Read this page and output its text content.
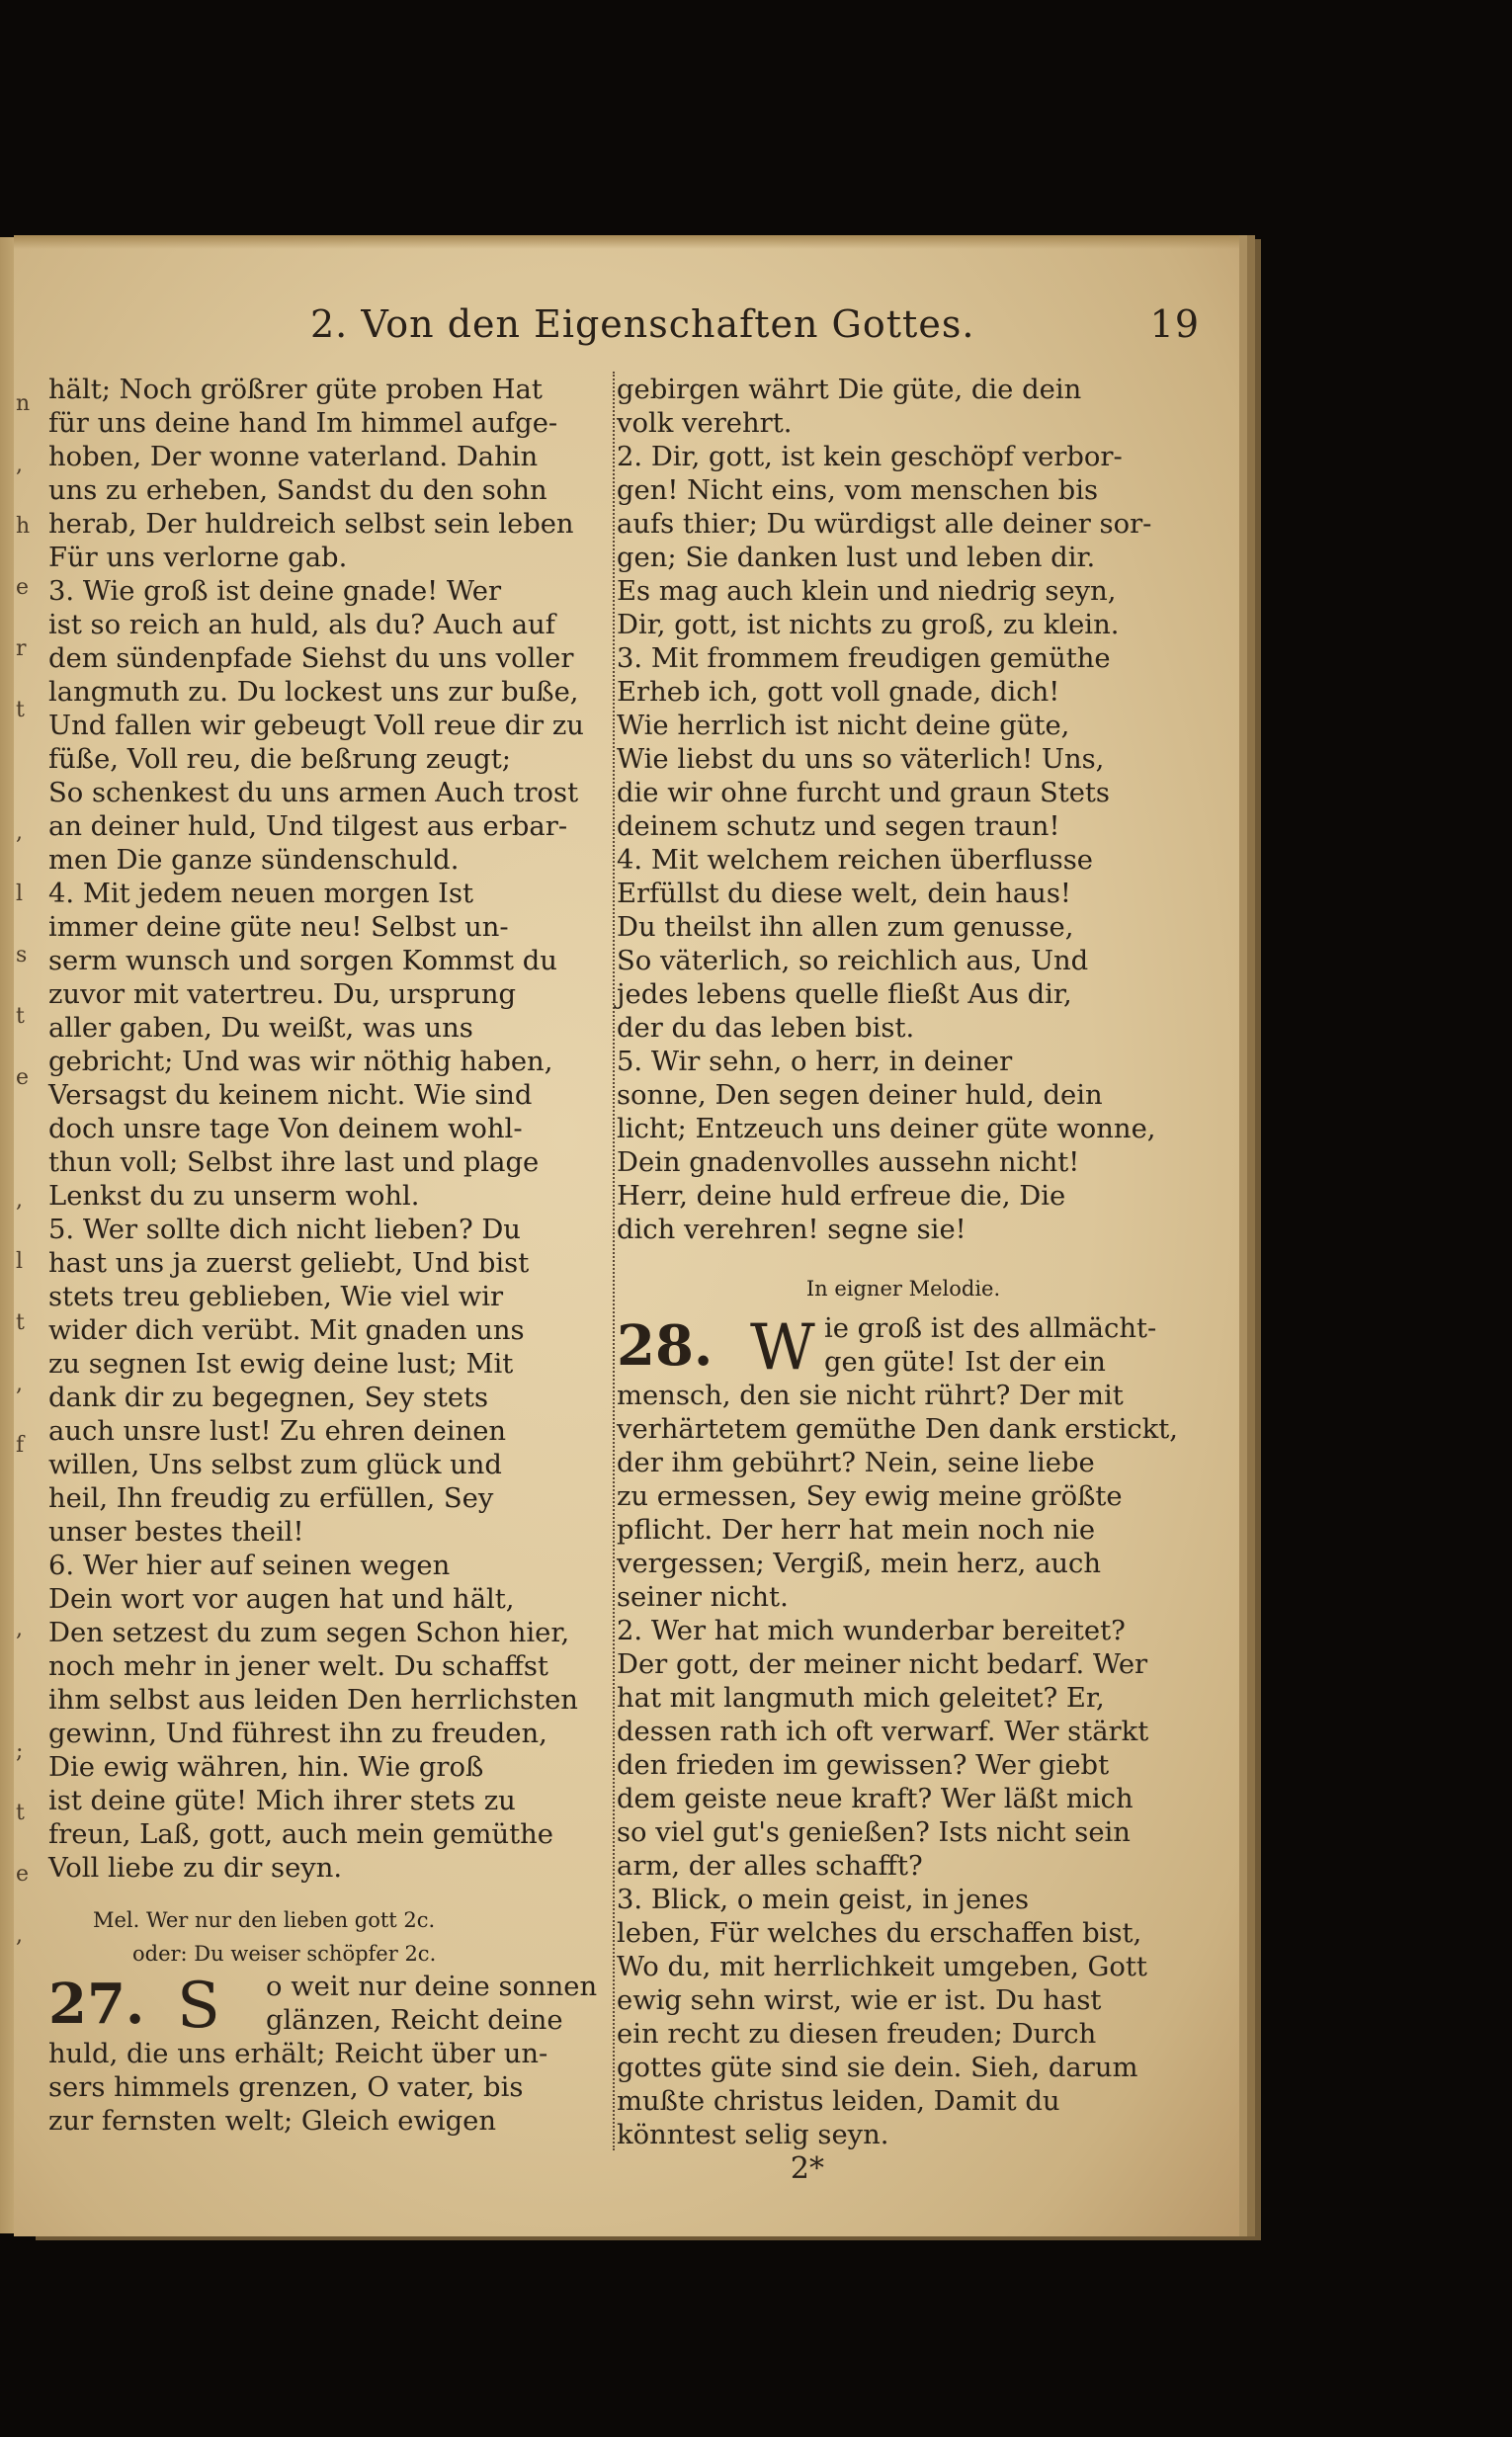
n
,
h
e
r
t
,
l
s
t
e
,
l
t
,
f
,
;
t
e
,
2. Von den Eigenschaften Gottes.	19
hält; Noch größrer güte proben Hat
für uns deine hand Im himmel aufge-
hoben, Der wonne vaterland. Dahin
uns zu erheben, Sandst du den sohn
herab, Der huldreich selbst sein leben
Für uns verlorne gab.
3. Wie groß ist deine gnade! Wer
ist so reich an huld, als du? Auch auf
dem sündenpfade Siehst du uns voller
langmuth zu. Du lockest uns zur buße,
Und fallen wir gebeugt Voll reue dir zu
füße, Voll reu, die beßrung zeugt;
So schenkest du uns armen Auch trost
an deiner huld, Und tilgest aus erbar-
men Die ganze sündenschuld.
4. Mit jedem neuen morgen Ist
immer deine güte neu! Selbst un-
serm wunsch und sorgen Kommst du
zuvor mit vatertreu. Du, ursprung
aller gaben, Du weißt, was uns
gebricht; Und was wir nöthig haben,
Versagst du keinem nicht. Wie sind
doch unsre tage Von deinem wohl-
thun voll; Selbst ihre last und plage
Lenkst du zu unserm wohl.
5. Wer sollte dich nicht lieben? Du
hast uns ja zuerst geliebt, Und bist
stets treu geblieben, Wie viel wir
wider dich verübt. Mit gnaden uns
zu segnen Ist ewig deine lust; Mit
dank dir zu begegnen, Sey stets
auch unsre lust! Zu ehren deinen
willen, Uns selbst zum glück und
heil, Ihn freudig zu erfüllen, Sey
unser bestes theil!
6. Wer hier auf seinen wegen
Dein wort vor augen hat und hält,
Den setzest du zum segen Schon hier,
noch mehr in jener welt. Du schaffst
ihm selbst aus leiden Den herrlichsten
gewinn, Und führest ihn zu freuden,
Die ewig währen, hin. Wie groß
ist deine güte! Mich ihrer stets zu
freun, Laß, gott, auch mein gemüthe
Voll liebe zu dir seyn.
Mel. Wer nur den lieben gott 2c.
oder: Du weiser schöpfer 2c.
27. S o weit nur deine sonnen
glänzen, Reicht deine
huld, die uns erhält; Reicht über un-
sers himmels grenzen, O vater, bis
zur fernsten welt; Gleich ewigen
gebirgen währt Die güte, die dein
volk verehrt.
2. Dir, gott, ist kein geschöpf verbor-
gen! Nicht eins, vom menschen bis
aufs thier; Du würdigst alle deiner sor-
gen; Sie danken lust und leben dir.
Es mag auch klein und niedrig seyn,
Dir, gott, ist nichts zu groß, zu klein.
3. Mit frommem freudigen gemüthe
Erheb ich, gott voll gnade, dich!
Wie herrlich ist nicht deine güte,
Wie liebst du uns so väterlich! Uns,
die wir ohne furcht und graun Stets
deinem schutz und segen traun!
4. Mit welchem reichen überflusse
Erfüllst du diese welt, dein haus!
Du theilst ihn allen zum genusse,
So väterlich, so reichlich aus, Und
jedes lebens quelle fließt Aus dir,
der du das leben bist.
5. Wir sehn, o herr, in deiner
sonne, Den segen deiner huld, dein
licht; Entzeuch uns deiner güte wonne,
Dein gnadenvolles aussehn nicht!
Herr, deine huld erfreue die, Die
dich verehren! segne sie!
In eigner Melodie.
28. W ie groß ist des allmächt-
gen güte! Ist der ein
mensch, den sie nicht rührt? Der mit
verhärtetem gemüthe Den dank erstickt,
der ihm gebührt? Nein, seine liebe
zu ermessen, Sey ewig meine größte
pflicht. Der herr hat mein noch nie
vergessen; Vergiß, mein herz, auch
seiner nicht.
2. Wer hat mich wunderbar bereitet?
Der gott, der meiner nicht bedarf. Wer
hat mit langmuth mich geleitet? Er,
dessen rath ich oft verwarf. Wer stärkt
den frieden im gewissen? Wer giebt
dem geiste neue kraft? Wer läßt mich
so viel gut's genießen? Ists nicht sein
arm, der alles schafft?
3. Blick, o mein geist, in jenes
leben, Für welches du erschaffen bist,
Wo du, mit herrlichkeit umgeben, Gott
ewig sehn wirst, wie er ist. Du hast
ein recht zu diesen freuden; Durch
gottes güte sind sie dein. Sieh, darum
mußte christus leiden, Damit du
könntest selig seyn.
2*
